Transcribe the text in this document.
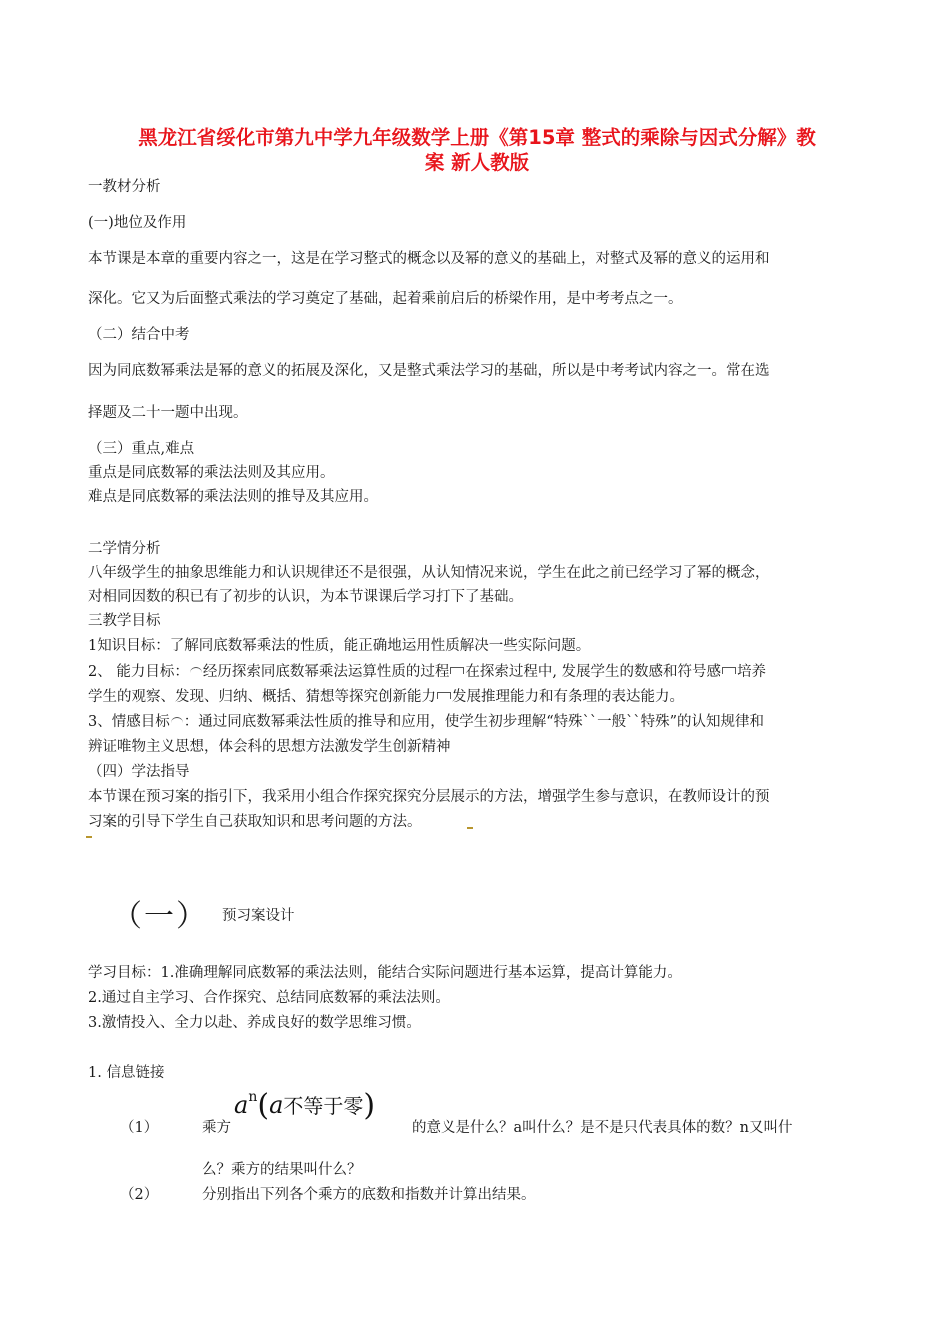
黑龙江省绥化市第九中学九年级数学上册《第15章 整式的乘除与因式分解》教
案 新人教版
一教材分析
(一)地位及作用
本节课是本章的重要内容之一，这是在学习整式的概念以及幂的意义的基础上，对整式及幂的意义的运用和
深化。它又为后面整式乘法的学习奠定了基础，起着乘前启后的桥梁作用，是中考考点之一。
（二）结合中考
因为同底数幂乘法是幂的意义的拓展及深化，又是整式乘法学习的基础，所以是中考考试内容之一。常在选
择题及二十一题中出现。
（三）重点,难点
重点是同底数幂的乘法法则及其应用。
难点是同底数幂的乘法法则的推导及其应用。
二学情分析
八年级学生的抽象思维能力和认识规律还不是很强，从认知情况来说，学生在此之前已经学习了幂的概念，
对相同因数的积已有了初步的认识，为本节课课后学习打下了基础。
三教学目标
1知识目标：了解同底数幂乘法的性质，能正确地运用性质解决一些实际问题。
2、 能力目标： 经历探索同底数幂乘法运算性质的过程 在探索过程中, 发展学生的数感和符号感 培养
学生的观察、发现、归纳、概括、猜想等探究创新能力 发展推理能力和有条理的表达能力。
3、情感目标 ：通过同底数幂乘法性质的推导和应用，使学生初步理解“特殊``一般``特殊”的认知规律和
辨证唯物主义思想，体会科的思想方法激发学生创新精神
（四）学法指导
本节课在预习案的指引下，我采用小组合作探究探究分层展示的方法，增强学生参与意识，在教师设计的预
习案的引导下学生自己获取知识和思考问题的方法。
（一） 预习案设计
学习目标：1.准确理解同底数幂的乘法法则，能结合实际问题进行基本运算，提高计算能力。
2.通过自主学习、合作探究、总结同底数幂的乘法法则。
3.激情投入、全力以赴、养成良好的数学思维习惯。
1. 信息链接
（1）	乘方
$a^n(a$不等于零)
的意义是什么？a叫什么？是不是只代表具体的数？n又叫什
么？乘方的结果叫什么？
（2）	分别指出下列各个乘方的底数和指数并计算出结果。
